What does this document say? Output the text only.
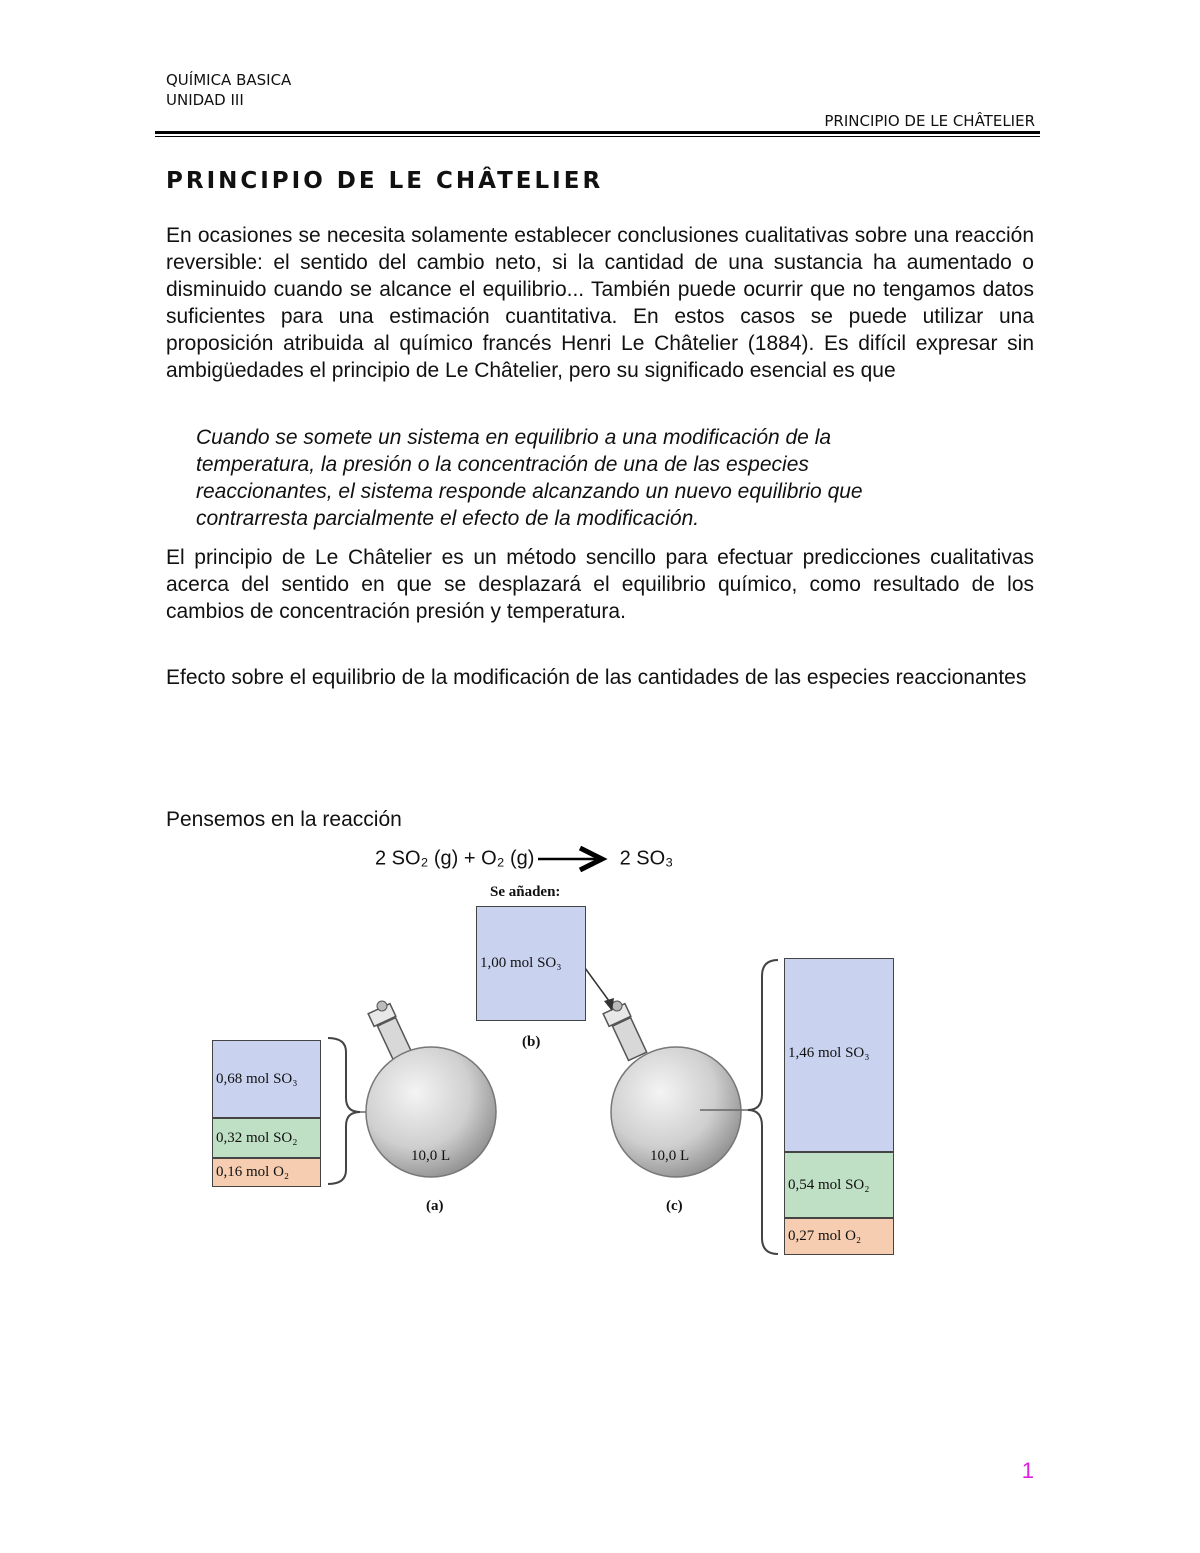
QUÍMICA BASICA
UNIDAD III
PRINCIPIO DE LE CHÂTELIER
PRINCIPIO DE LE CHÂTELIER

En ocasiones se necesita solamente establecer conclusiones cualitativas sobre una reacción reversible: el sentido del cambio neto, si la cantidad de una sustancia ha aumentado o disminuido cuando se alcance el equilibrio... También puede ocurrir que no tengamos datos suficientes para una estimación cuantitativa. En estos casos se puede utilizar una proposición atribuida al químico francés Henri Le Châtelier (1884). Es difícil expresar sin ambigüedades el principio de Le Châtelier, pero su significado esencial es que

Cuando se somete un sistema en equilibrio a una modificación de la temperatura, la presión o la concentración de una de las especies reaccionantes, el sistema responde alcanzando un nuevo equilibrio que contrarresta parcialmente el efecto de la modificación.

El principio de Le Châtelier es un método sencillo para efectuar predicciones cualitativas acerca del sentido en que se desplazará el equilibrio químico, como resultado de los cambios de concentración presión y temperatura.

Efecto sobre el equilibrio de la modificación de las cantidades de las especies reaccionantes

Pensemos en la reacción

2 SO₂ (g) + O₂ (g) → 2 SO₃
0,68 mol SO₃
0,32 mol SO₂
0,16 mol O₂
Se añaden:
1,00 mol SO₃
1,46 mol SO₃
0,54 mol SO₂
0,27 mol O₂
10,0 L	10,0 L
(a)
(b)
(c)
1
